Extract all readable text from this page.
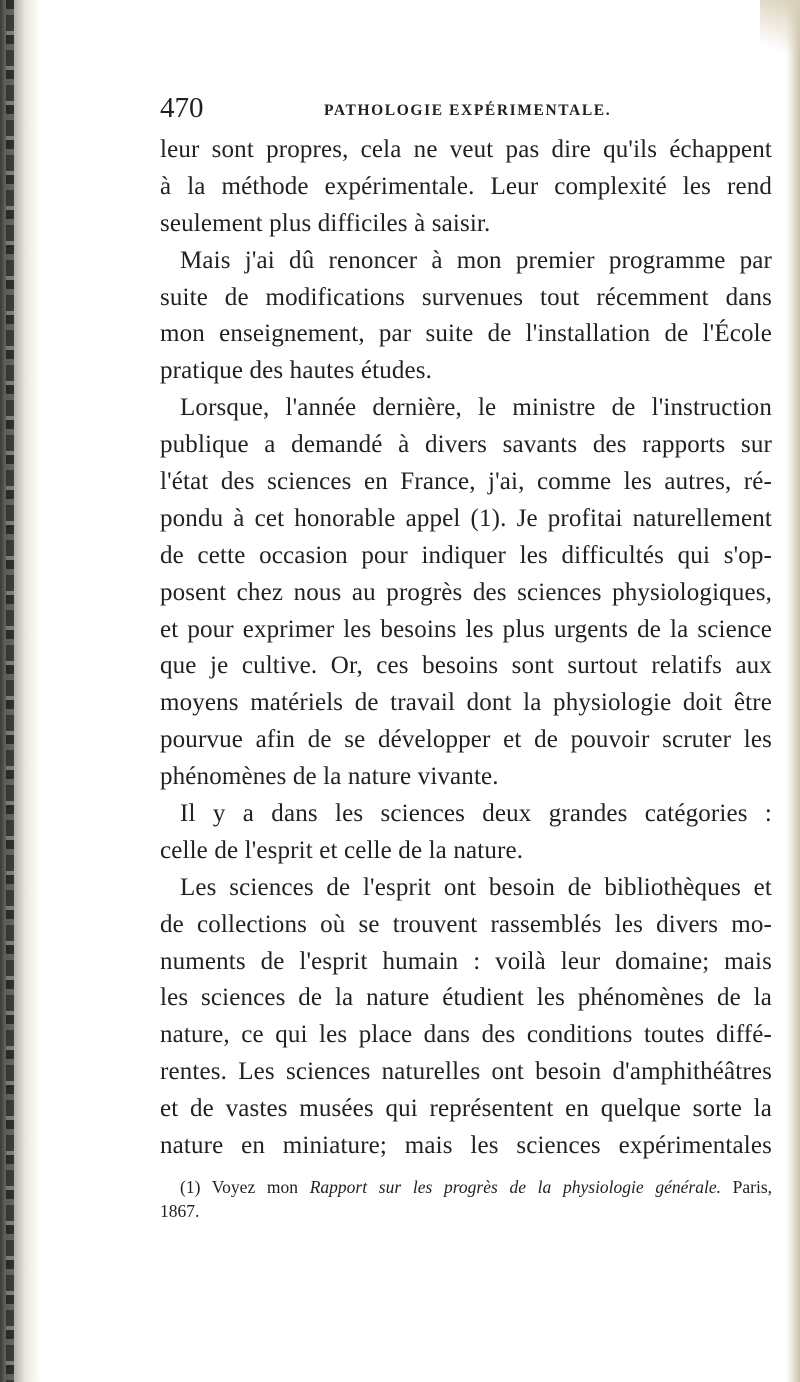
470	PATHOLOGIE EXPÉRIMENTALE.
leur sont propres, cela ne veut pas dire qu'ils échappent
à la méthode expérimentale. Leur complexité les rend
seulement plus difficiles à saisir.
Mais j'ai dû renoncer à mon premier programme par
suite de modifications survenues tout récemment dans
mon enseignement, par suite de l'installation de l'École
pratique des hautes études.
Lorsque, l'année dernière, le ministre de l'instruction
publique a demandé à divers savants des rapports sur
l'état des sciences en France, j'ai, comme les autres, ré-
pondu à cet honorable appel (1). Je profitai naturellement
de cette occasion pour indiquer les difficultés qui s'op-
posent chez nous au progrès des sciences physiologiques,
et pour exprimer les besoins les plus urgents de la science
que je cultive. Or, ces besoins sont surtout relatifs aux
moyens matériels de travail dont la physiologie doit être
pourvue afin de se développer et de pouvoir scruter les
phénomènes de la nature vivante.
Il y a dans les sciences deux grandes catégories :
celle de l'esprit et celle de la nature.
Les sciences de l'esprit ont besoin de bibliothèques et
de collections où se trouvent rassemblés les divers mo-
numents de l'esprit humain : voilà leur domaine; mais
les sciences de la nature étudient les phénomènes de la
nature, ce qui les place dans des conditions toutes diffé-
rentes. Les sciences naturelles ont besoin d'amphithéâtres
et de vastes musées qui représentent en quelque sorte la
nature en miniature; mais les sciences expérimentales
(1) Voyez mon Rapport sur les progrès de la physiologie générale. Paris,
1867.
